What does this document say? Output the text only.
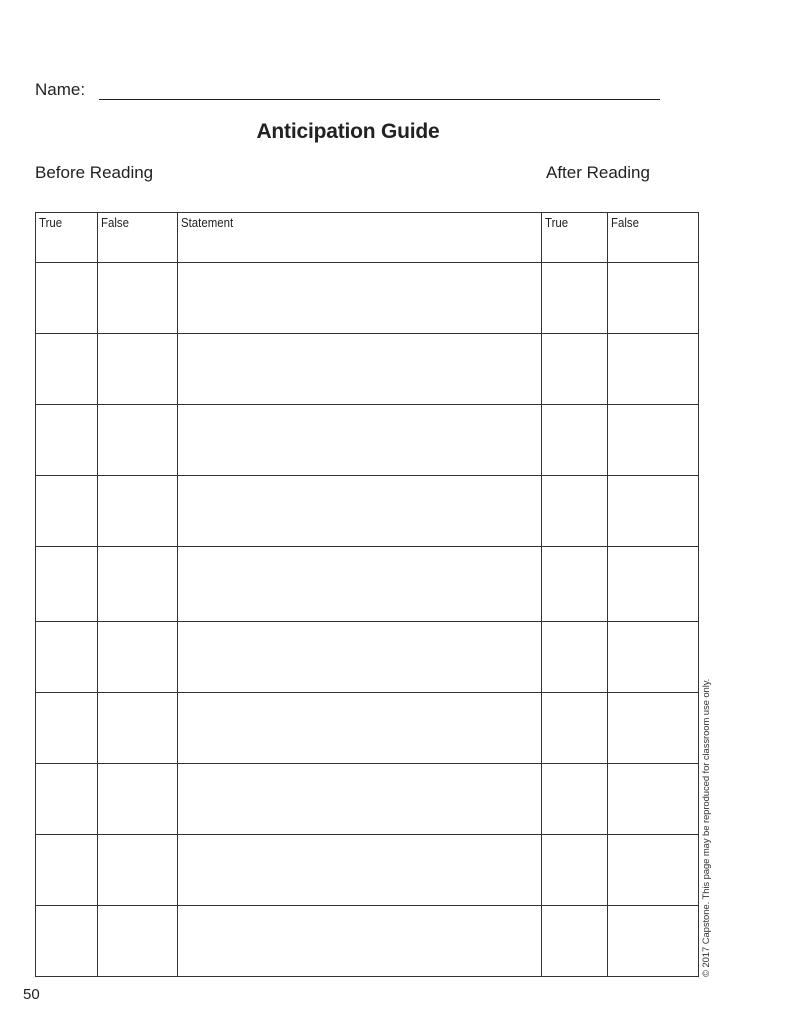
Name:
Anticipation Guide
Before Reading	After Reading
True	False	Statement	True	False

© 2017 Capstone. This page may be reproduced for classroom use only.
50
